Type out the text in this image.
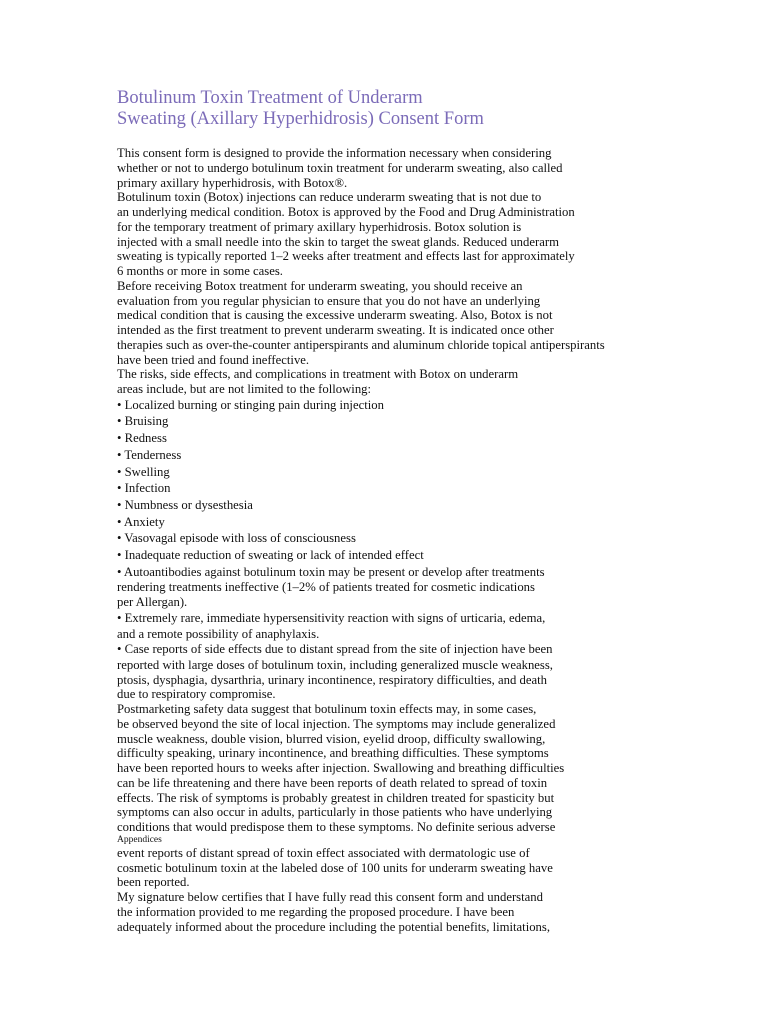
Botulinum Toxin Treatment of Underarm
Sweating (Axillary Hyperhidrosis) Consent Form
This consent form is designed to provide the information necessary when considering
whether or not to undergo botulinum toxin treatment for underarm sweating, also called
primary axillary hyperhidrosis, with Botox®.
Botulinum toxin (Botox) injections can reduce underarm sweating that is not due to
an underlying medical condition. Botox is approved by the Food and Drug Administration
for the temporary treatment of primary axillary hyperhidrosis. Botox solution is
injected with a small needle into the skin to target the sweat glands. Reduced underarm
sweating is typically reported 1–2 weeks after treatment and effects last for approximately
6 months or more in some cases.
Before receiving Botox treatment for underarm sweating, you should receive an
evaluation from you regular physician to ensure that you do not have an underlying
medical condition that is causing the excessive underarm sweating. Also, Botox is not
intended as the first treatment to prevent underarm sweating. It is indicated once other
therapies such as over-the-counter antiperspirants and aluminum chloride topical antiperspirants
have been tried and found ineffective.
The risks, side effects, and complications in treatment with Botox on underarm
areas include, but are not limited to the following:
• Localized burning or stinging pain during injection
• Bruising
• Redness
• Tenderness
• Swelling
• Infection
• Numbness or dysesthesia
• Anxiety
• Vasovagal episode with loss of consciousness
• Inadequate reduction of sweating or lack of intended effect
• Autoantibodies against botulinum toxin may be present or develop after treatments
rendering treatments ineffective (1–2% of patients treated for cosmetic indications
per Allergan).
• Extremely rare, immediate hypersensitivity reaction with signs of urticaria, edema,
and a remote possibility of anaphylaxis.
• Case reports of side effects due to distant spread from the site of injection have been
reported with large doses of botulinum toxin, including generalized muscle weakness,
ptosis, dysphagia, dysarthria, urinary incontinence, respiratory difficulties, and death
due to respiratory compromise.
Postmarketing safety data suggest that botulinum toxin effects may, in some cases,
be observed beyond the site of local injection. The symptoms may include generalized
muscle weakness, double vision, blurred vision, eyelid droop, difficulty swallowing,
difficulty speaking, urinary incontinence, and breathing difficulties. These symptoms
have been reported hours to weeks after injection. Swallowing and breathing difficulties
can be life threatening and there have been reports of death related to spread of toxin
effects. The risk of symptoms is probably greatest in children treated for spasticity but
symptoms can also occur in adults, particularly in those patients who have underlying
conditions that would predispose them to these symptoms. No definite serious adverse
Appendices
event reports of distant spread of toxin effect associated with dermatologic use of
cosmetic botulinum toxin at the labeled dose of 100 units for underarm sweating have
been reported.
My signature below certifies that I have fully read this consent form and understand
the information provided to me regarding the proposed procedure. I have been
adequately informed about the procedure including the potential benefits, limitations,
